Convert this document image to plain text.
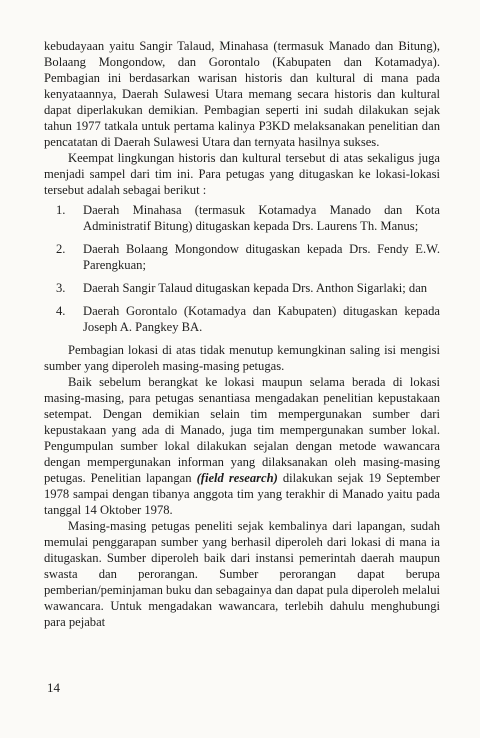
kebudayaan yaitu Sangir Talaud, Minahasa (termasuk Manado dan Bitung), Bolaang Mongondow, dan Gorontalo (Kabupaten dan Kotamadya). Pembagian ini berdasarkan warisan historis dan kultural di mana pada kenyataannya, Daerah Sulawesi Utara memang secara historis dan kultural dapat diperlakukan demikian. Pembagian seperti ini sudah dilakukan sejak tahun 1977 tatkala untuk pertama kalinya P3KD melaksanakan penelitian dan pencatatan di Daerah Sulawesi Utara dan ternyata hasilnya sukses.

Keempat lingkungan historis dan kultural tersebut di atas sekaligus juga menjadi sampel dari tim ini. Para petugas yang ditugaskan ke lokasi-lokasi tersebut adalah sebagai berikut :

1. Daerah Minahasa (termasuk Kotamadya Manado dan Kota Administratif Bitung) ditugaskan kepada Drs. Laurens Th. Manus;
2. Daerah Bolaang Mongondow ditugaskan kepada Drs. Fendy E.W. Parengkuan;
3. Daerah Sangir Talaud ditugaskan kepada Drs. Anthon Sigarlaki; dan
4. Daerah Gorontalo (Kotamadya dan Kabupaten) ditugaskan kepada Joseph A. Pangkey BA.

Pembagian lokasi di atas tidak menutup kemungkinan saling isi mengisi sumber yang diperoleh masing-masing petugas.

Baik sebelum berangkat ke lokasi maupun selama berada di lokasi masing-masing, para petugas senantiasa mengadakan penelitian kepustakaan setempat. Dengan demikian selain tim mempergunakan sumber dari kepustakaan yang ada di Manado, juga tim mempergunakan sumber lokal. Pengumpulan sumber lokal dilakukan sejalan dengan metode wawancara dengan mempergunakan informan yang dilaksanakan oleh masing-masing petugas. Penelitian lapangan (field research) dilakukan sejak 19 September 1978 sampai dengan tibanya anggota tim yang terakhir di Manado yaitu pada tanggal 14 Oktober 1978.

Masing-masing petugas peneliti sejak kembalinya dari lapangan, sudah memulai penggarapan sumber yang berhasil diperoleh dari lokasi di mana ia ditugaskan. Sumber diperoleh baik dari instansi pemerintah daerah maupun swasta dan perorangan. Sumber perorangan dapat berupa pemberian/peminjaman buku dan sebagainya dan dapat pula diperoleh melalui wawancara. Untuk mengadakan wawancara, terlebih dahulu menghubungi para pejabat

14
